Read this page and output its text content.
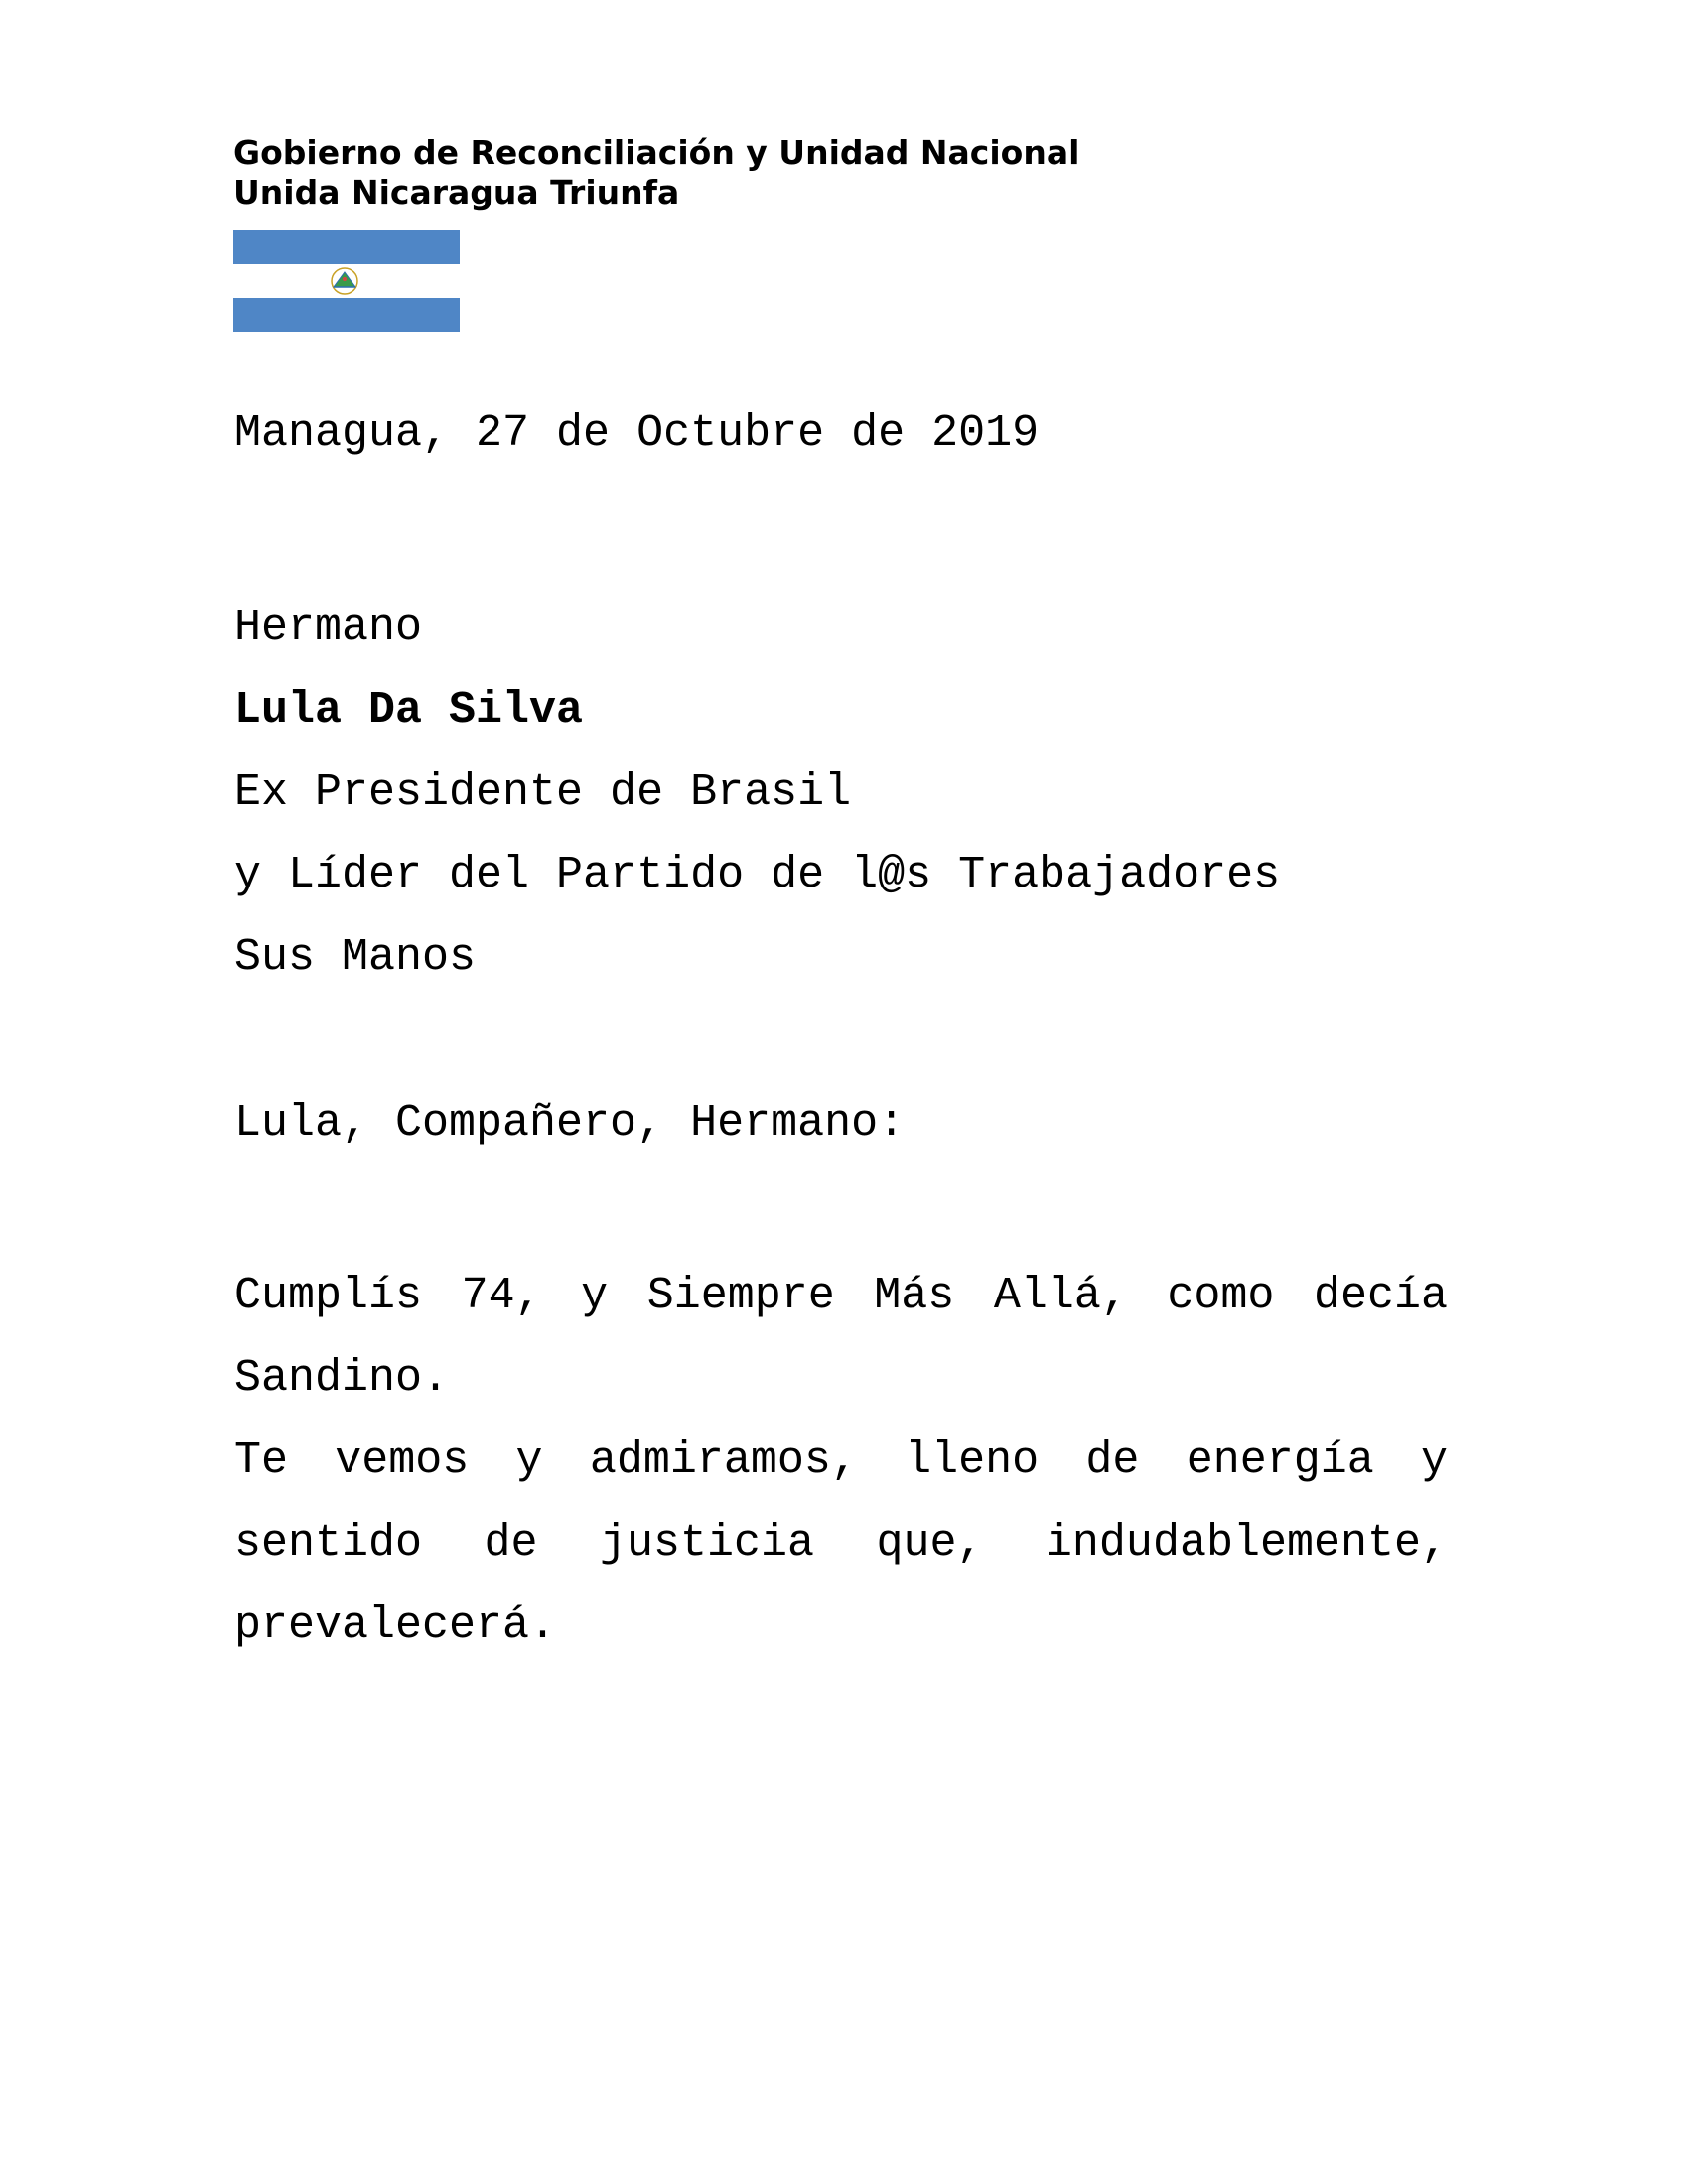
Gobierno de Reconciliación y Unidad Nacional
Unida Nicaragua Triunfa
Managua, 27 de Octubre de 2019
Hermano
Lula Da Silva
Ex Presidente de Brasil
y Líder del Partido de l@s Trabajadores
Sus Manos
Lula, Compañero, Hermano:
Cumplís 74, y Siempre Más Allá, como decía Sandino.
Te vemos y admiramos, lleno de energía y sentido de justicia que, indudablemente, prevalecerá.
